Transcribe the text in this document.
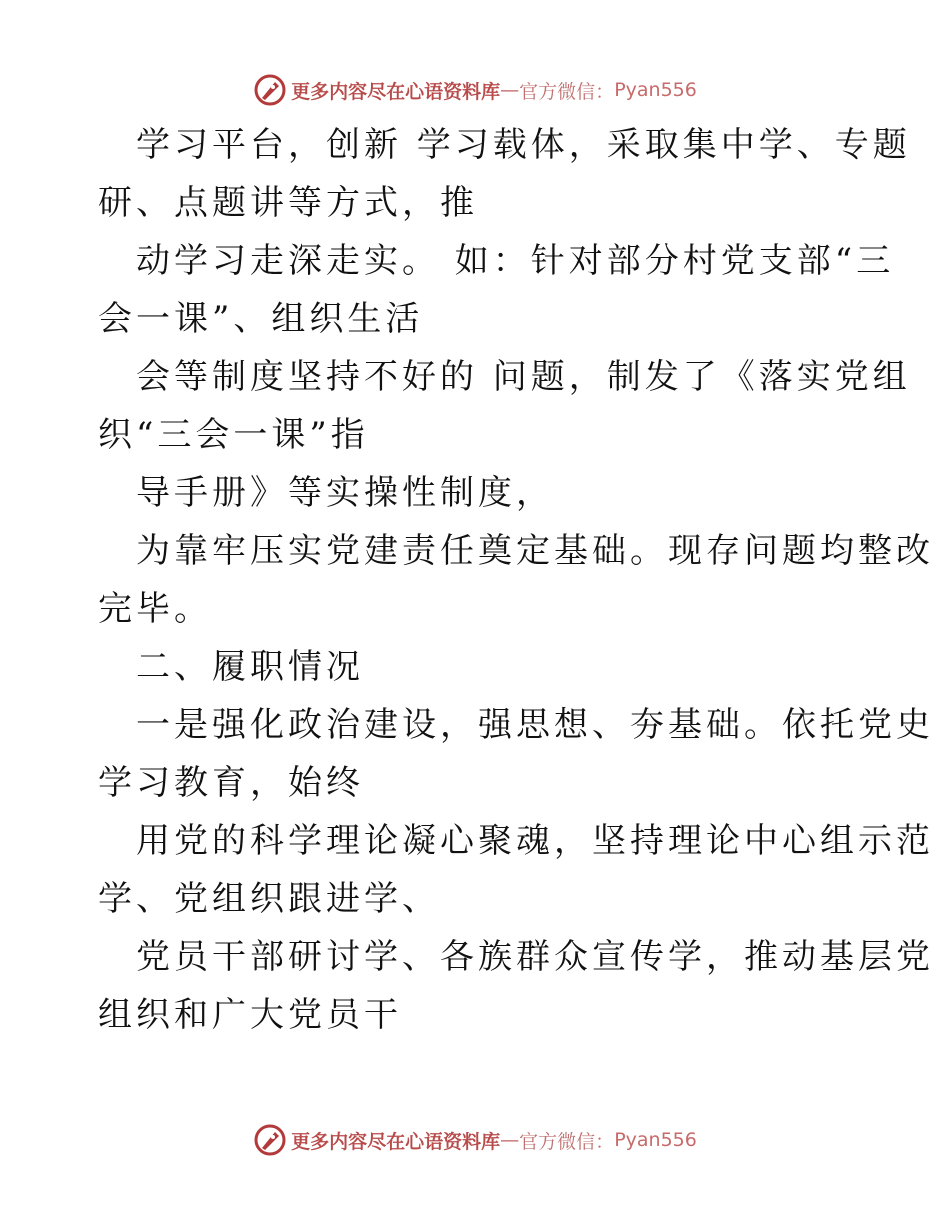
更多内容尽在心语资料库 — 官方微信： Pyan556
学习平台，创新 学习载体，采取集中学、专题
研、点题讲等方式，推
动学习走深走实。 如：针对部分村党支部“三
会一课”、组织生活
会等制度坚持不好的 问题，制发了《落实党组
织“三会一课”指
导手册》等实操性制度，
为靠牢压实党建责任奠定基础。现存问题均整改
完毕。
二、履职情况
一是强化政治建设，强思想、夯基础。依托党史
学习教育，始终
用党的科学理论凝心聚魂，坚持理论中心组示范
学、党组织跟进学、
党员干部研讨学、各族群众宣传学，推动基层党
组织和广大党员干
更多内容尽在心语资料库 — 官方微信： Pyan556
